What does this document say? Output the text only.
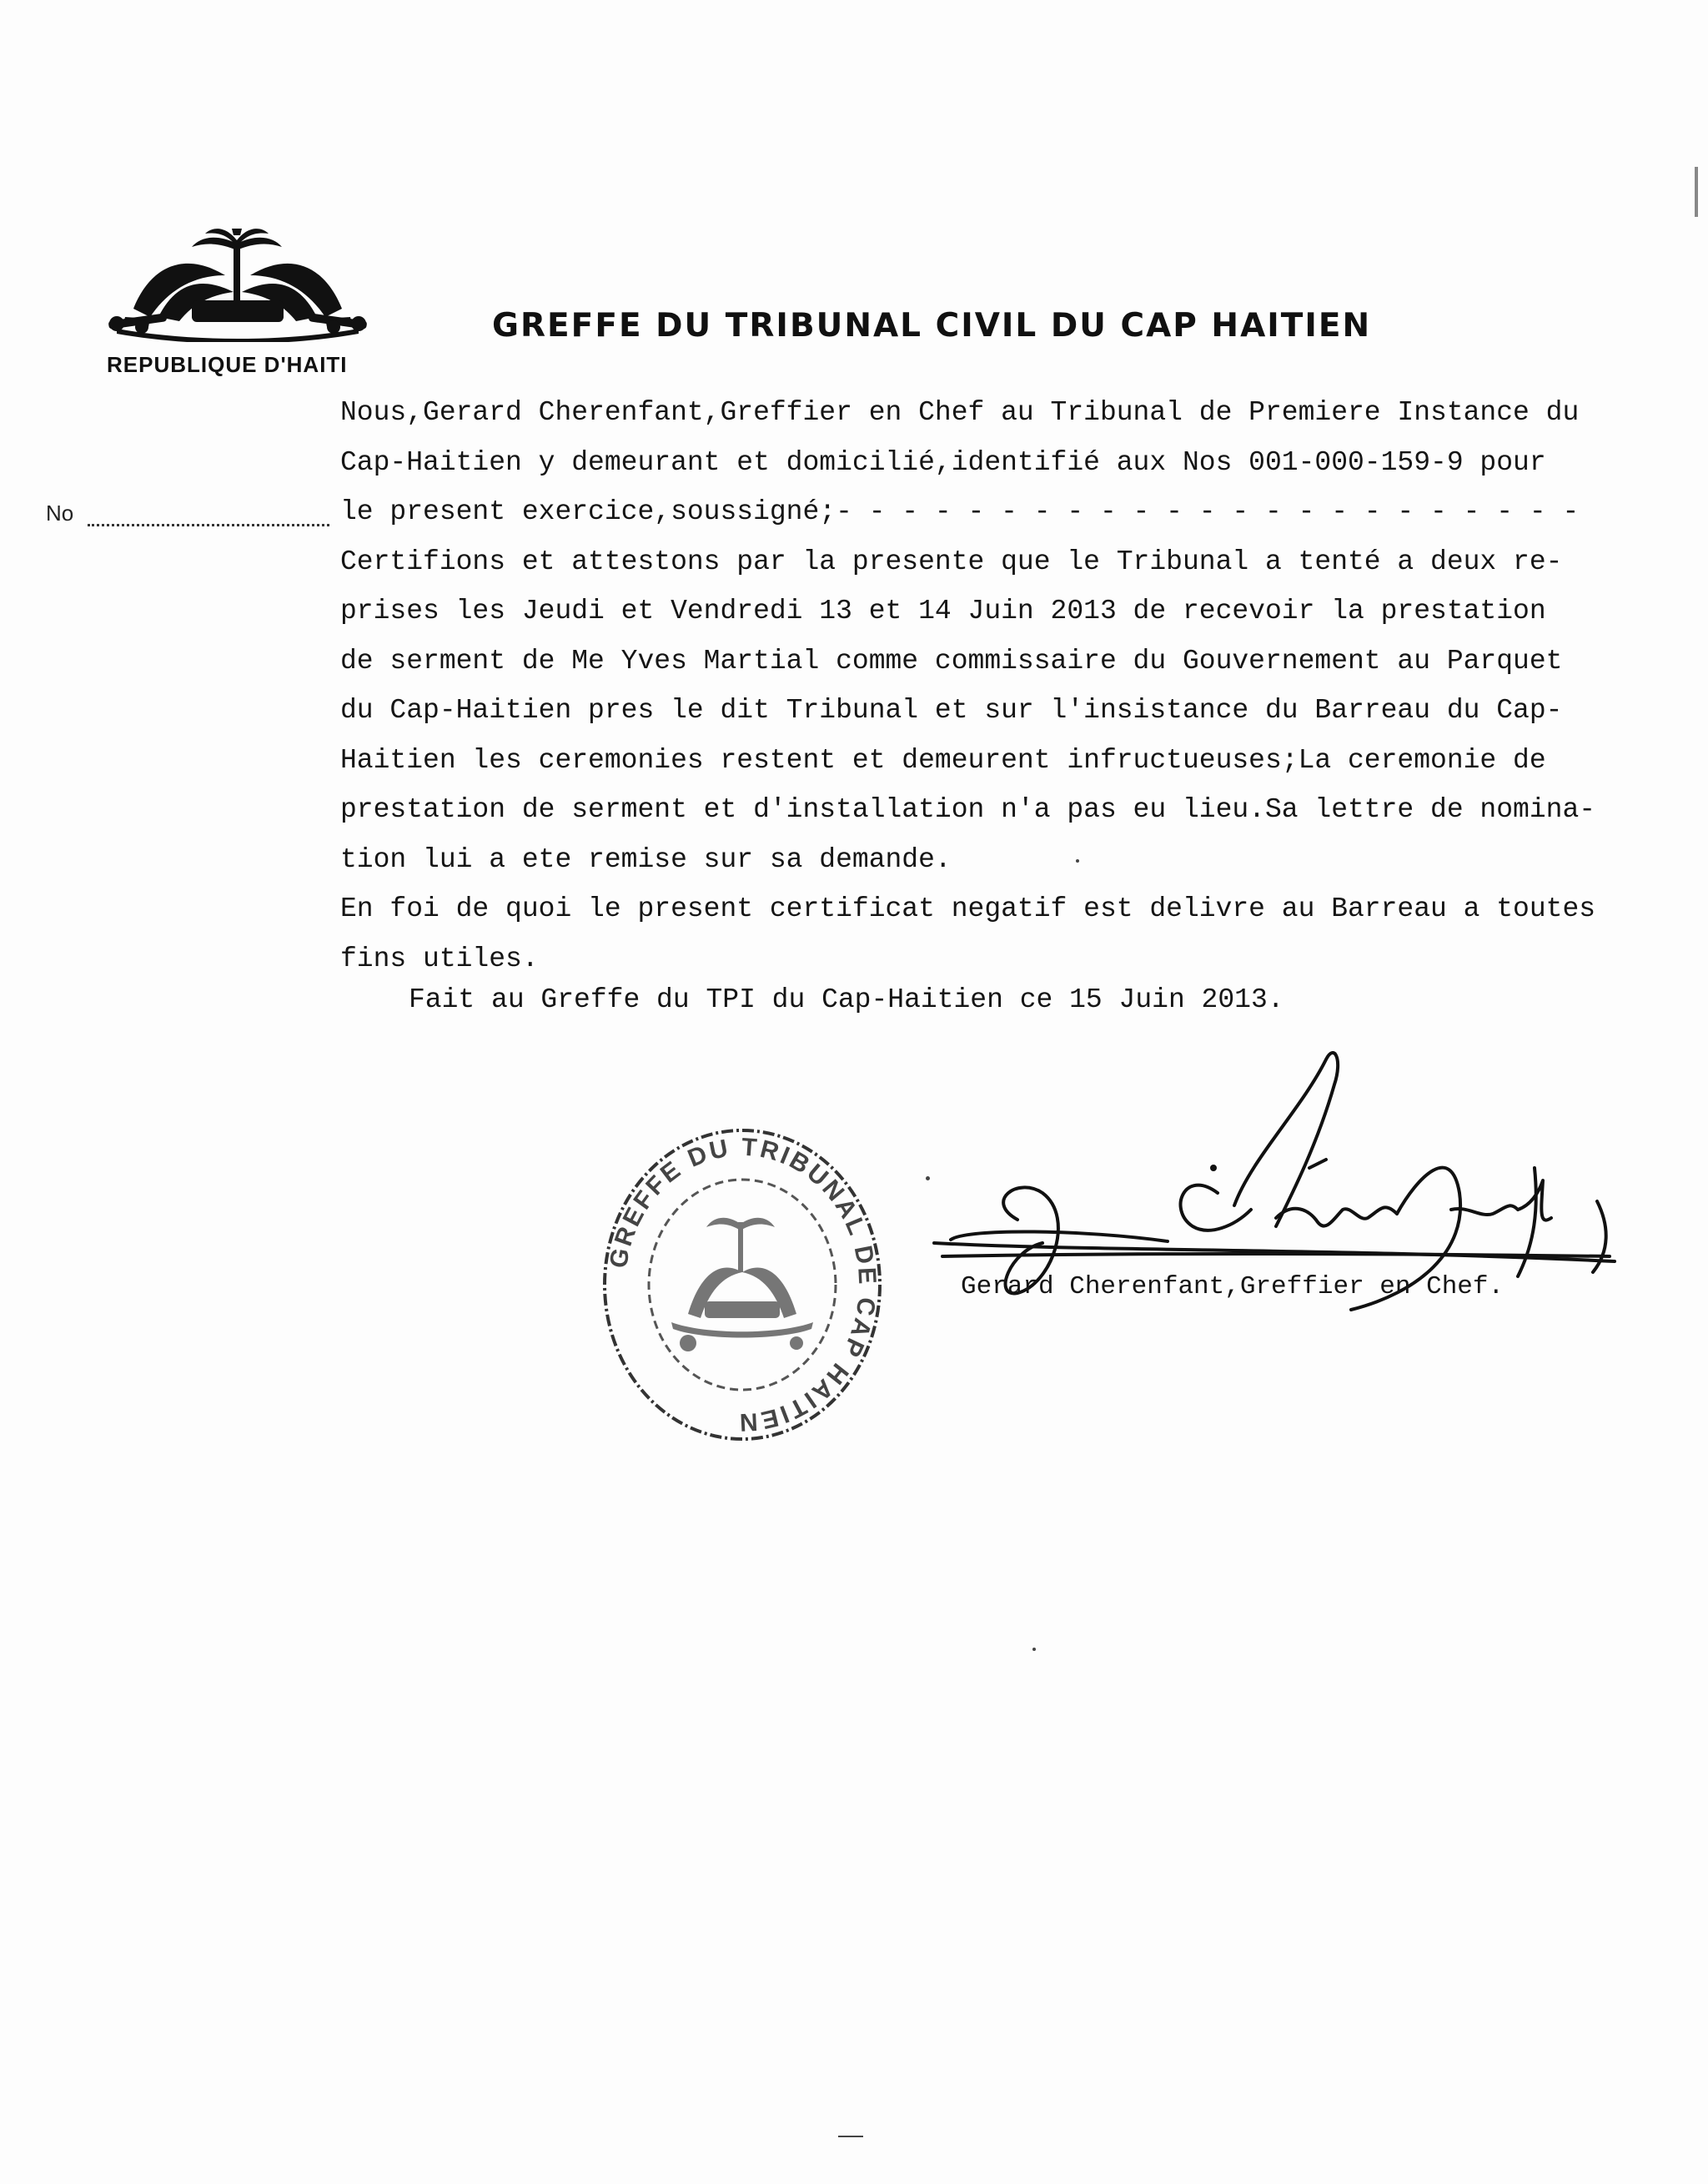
REPUBLIQUE D'HAITI
GREFFE DU TRIBUNAL CIVIL DU CAP HAITIEN
No
Nous,Gerard Cherenfant,Greffier en Chef au Tribunal de Premiere Instance du
Cap-Haitien y demeurant et domicilié,identifié aux Nos 001-000-159-9 pour
le present exercice,soussigné;- - - - - - - - - - - - - - - - - - - - - - -
Certifions et attestons par la presente que le Tribunal a tenté a deux re-
prises les Jeudi et Vendredi 13 et 14 Juin 2013 de recevoir la prestation
de serment de Me Yves Martial comme commissaire du Gouvernement au Parquet
du Cap-Haitien pres le dit Tribunal et sur l'insistance du Barreau du Cap-
Haitien les ceremonies restent et demeurent infructueuses;La ceremonie de
prestation de serment et d'installation n'a pas eu lieu.Sa lettre de nomina-
tion lui a ete remise sur sa demande.
En foi de quoi le present certificat negatif est delivre au Barreau a toutes
fins utiles.
Fait au Greffe du TPI du Cap-Haitien ce 15 Juin 2013.
GREFFE DU TRIBUNAL DE CAP HAITIEN
Gerard Cherenfant,Greffier en Chef.
